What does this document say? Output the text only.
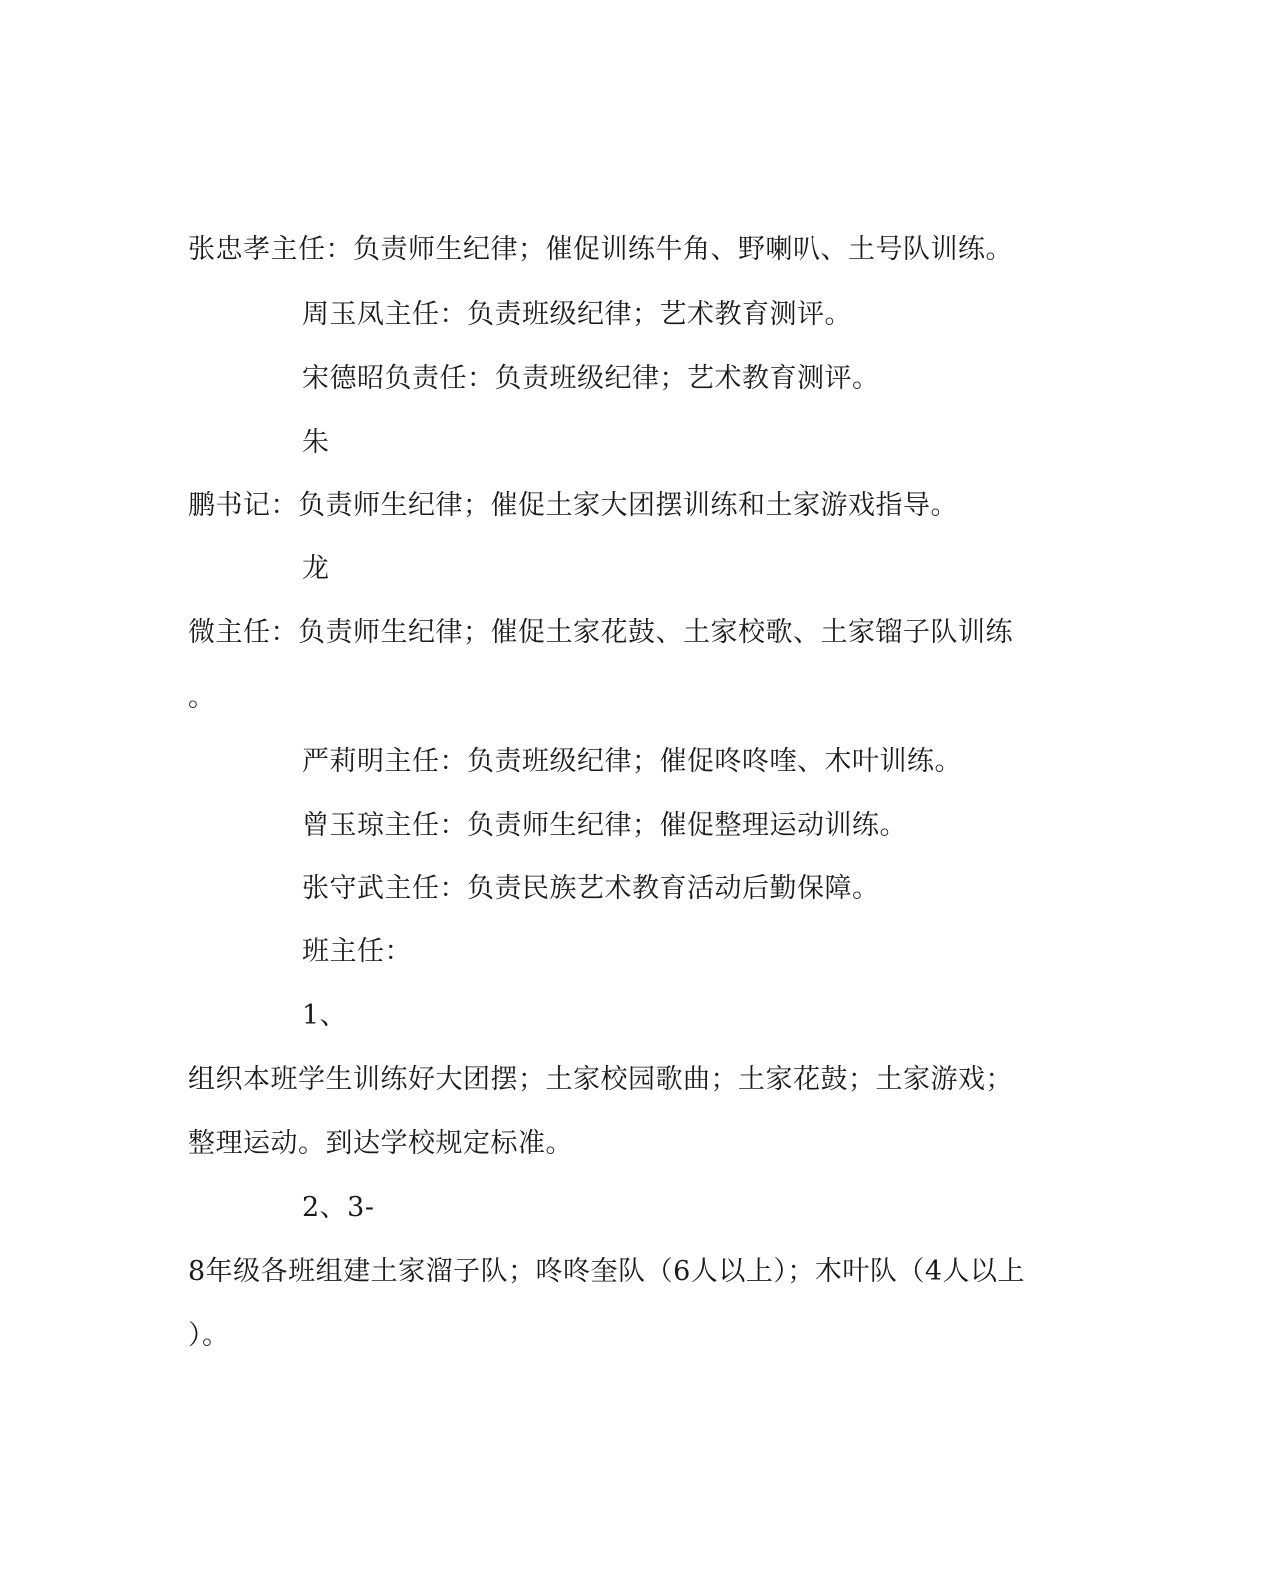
张忠孝主任：负责师生纪律；催促训练牛角、野喇叭、土号队训练。
周玉凤主任：负责班级纪律；艺术教育测评。
宋德昭负责任：负责班级纪律；艺术教育测评。
朱
鹏书记：负责师生纪律；催促土家大团摆训练和土家游戏指导。
龙
微主任：负责师生纪律；催促土家花鼓、土家校歌、土家镏子队训练
。
严莉明主任：负责班级纪律；催促咚咚喹、木叶训练。
曾玉琼主任：负责师生纪律；催促整理运动训练。
张守武主任：负责民族艺术教育活动后勤保障。
班主任：
1、
组织本班学生训练好大团摆；土家校园歌曲；土家花鼓；土家游戏；
整理运动。到达学校规定标准。
2、3-
8年级各班组建土家溜子队；咚咚奎队（6人以上）；木叶队（4人以上
）。
